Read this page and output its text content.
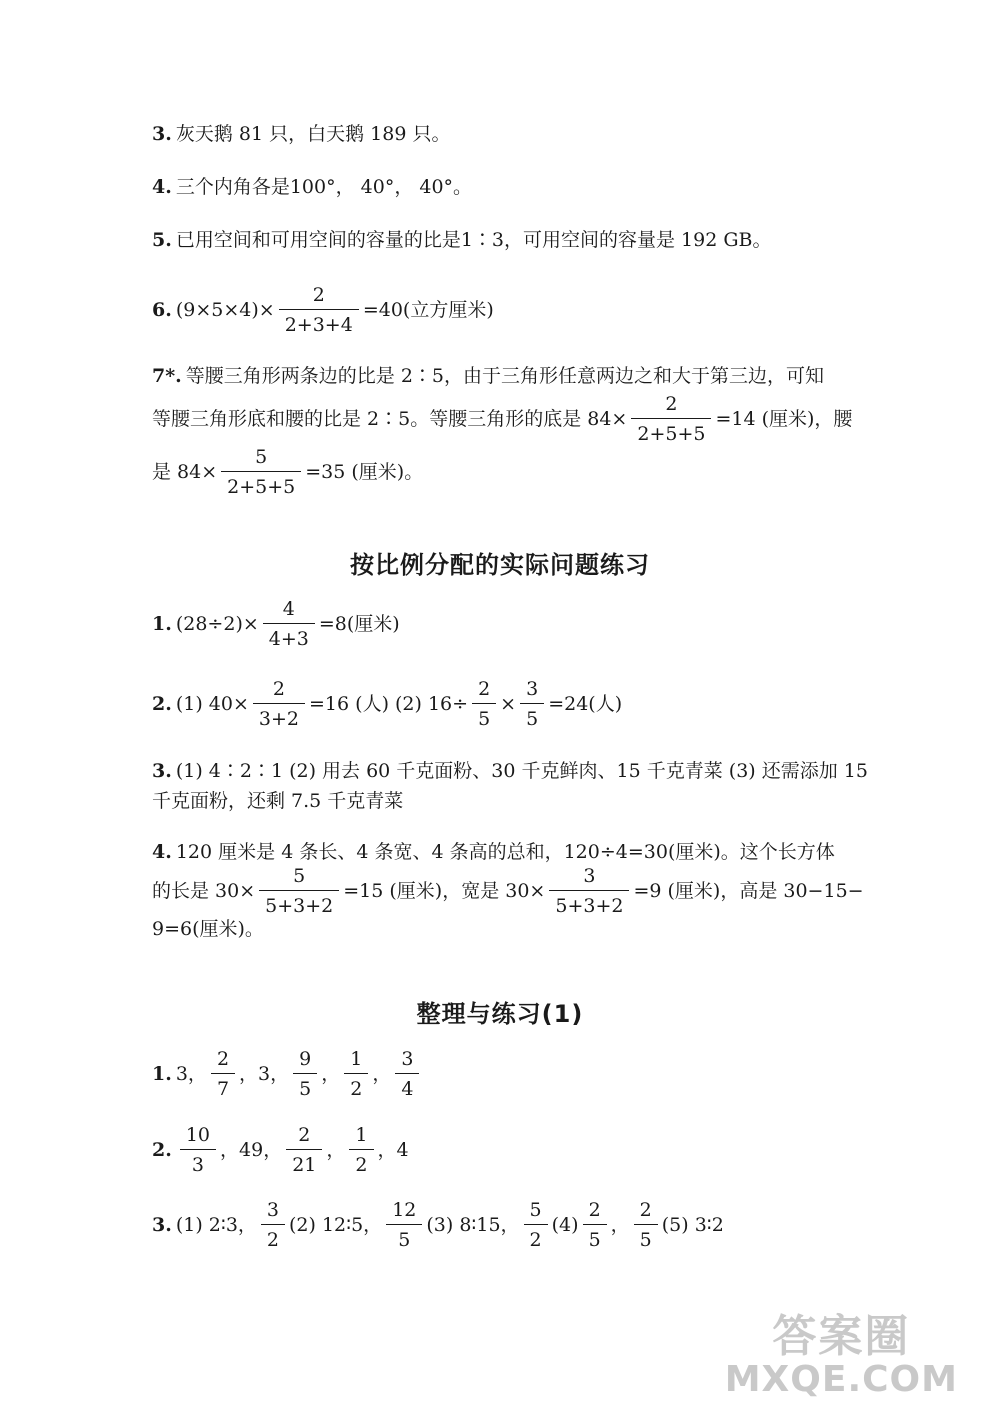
3. 灰天鹅 81 只，白天鹅 189 只。
4. 三个内角各是100°， 40°， 40°。
5. 已用空间和可用空间的容量的比是1∶3，可用空间的容量是 192 GB。
6. $(9\times 5\times 4)\times \frac{2}{2+3+4} =40$(立方厘米)
7*. 等腰三角形两条边的比是 2∶5，由于三角形任意两边之和大于第三边，可知
等腰三角形底和腰的比是 2∶5。等腰三角形的底是 $84\times \frac{2}{2+5+5} =14$ (厘米)，腰
是 $84\times \frac{5}{2+5+5} =35$ (厘米)。
按比例分配的实际问题练习
1. $(28\div 2)\times \frac{4}{4+3} =8$(厘米)
2. (1) $40\times \frac{2}{3+2} =16$ (人) (2) $16\div \frac{2}{5} \times \frac{3}{5} =24$(人)
3. (1) 4∶2∶1 (2) 用去 60 千克面粉、30 千克鲜肉、15 千克青菜 (3) 还需添加 15
千克面粉，还剩 7.5 千克青菜
4. 120 厘米是 4 条长、4 条宽、4 条高的总和，120÷4=30(厘米)。这个长方体
的长是 $30\times \frac{5}{5+3+2} =15$ (厘米)，宽是 $30\times \frac{3}{5+3+2} =9$ (厘米)，高是 30−15−
9=6(厘米)。
整理与练习(1)
1. 3， $\frac{2}{7}$ ，3， $\frac{9}{5}$ ， $\frac{1}{2}$ ， $\frac{3}{4}$
2. $\frac{10}{3}$ ，49， $\frac{2}{21}$ ， $\frac{1}{2}$ ，4
3. (1) 2∶3， $\frac{3}{2} (2)$ 12∶5， $\frac{12}{5} (3)$ 8∶15， $\frac{5}{2} (4) \frac{2}{5}$ ， $\frac{2}{5} (5)$ 3∶2
答案圈
MXQE.COM
